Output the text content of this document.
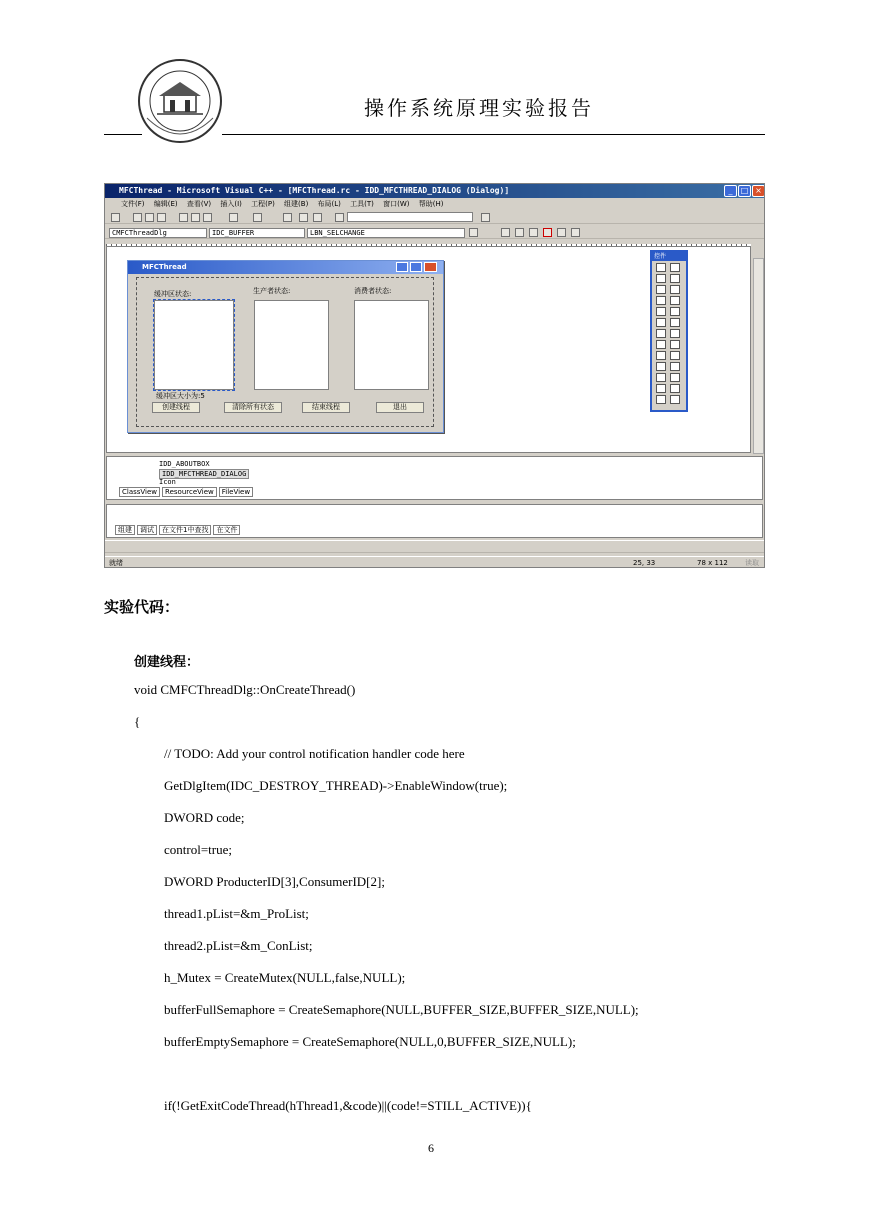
操作系统原理实验报告
MFCThread - Microsoft Visual C++ - [MFCThread.rc - IDD_MFCTHREAD_DIALOG (Dialog)]	_	□ ×
文件(F) 编辑(E) 查看(V) 插入(I) 工程(P) 组建(B) 布局(L) 工具(T) 窗口(W) 帮助(H)
CMFCThreadDlg	IDC_BUFFER	LBN_SELCHANGE
MFCThread
缓冲区状态:	生产者状态:	消费者状态:
缓冲区大小为:5
创建线程	清除所有状态	结束线程	退出
控件
IDD_ABOUTBOX
IDD_MFCTHREAD_DIALOG
Icon
ClassView ResourceView FileView
组建 调试 在文件1中查找 在文件
就绪	25, 33	78 x 112 读取
实验代码：
创建线程：
void CMFCThreadDlg::OnCreateThread()
{
// TODO: Add your control notification handler code here
GetDlgItem(IDC_DESTROY_THREAD)->EnableWindow(true);
DWORD code;
control=true;
DWORD ProducterID[3],ConsumerID[2];
thread1.pList=&m_ProList;
thread2.pList=&m_ConList;
h_Mutex = CreateMutex(NULL,false,NULL);
bufferFullSemaphore = CreateSemaphore(NULL,BUFFER_SIZE,BUFFER_SIZE,NULL);
bufferEmptySemaphore = CreateSemaphore(NULL,0,BUFFER_SIZE,NULL);
if(!GetExitCodeThread(hThread1,&code)||(code!=STILL_ACTIVE)){
6
